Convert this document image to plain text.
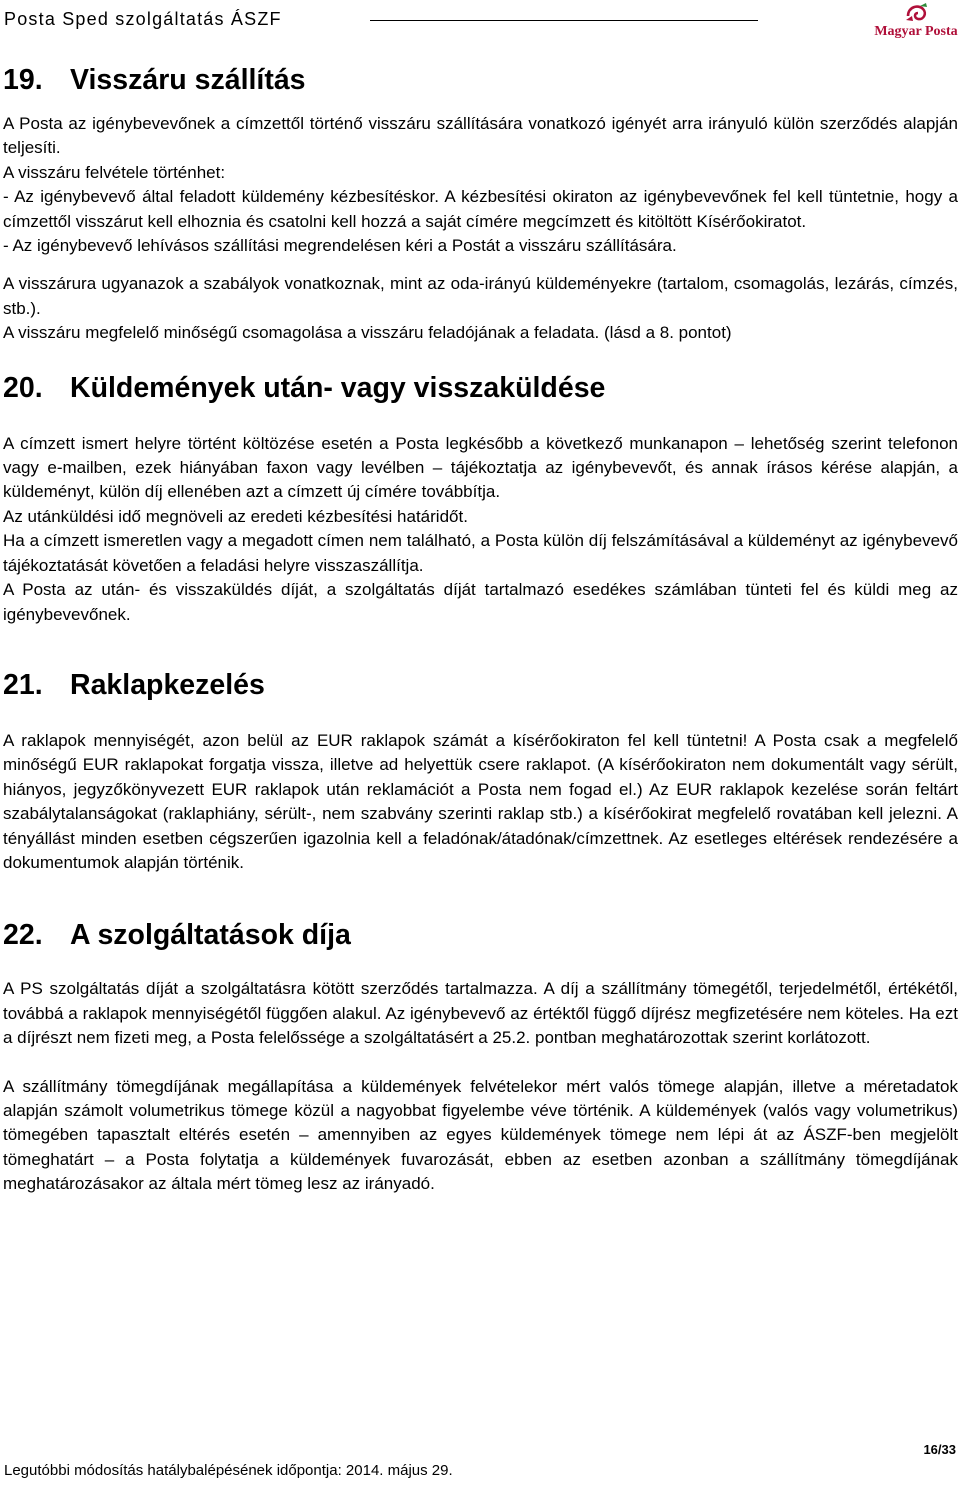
Posta Sped szolgáltatás ÁSZF
Magyar Posta
19. Visszáru szállítás

A Posta az igénybevevőnek a címzettől történő visszáru szállítására vonatkozó igényét arra irányuló külön szerződés alapján teljesíti.

A visszáru felvétele történhet:

- Az igénybevevő által feladott küldemény kézbesítéskor. A kézbesítési okiraton az igénybevevőnek fel kell tüntetnie, hogy a címzettől visszárut kell elhoznia és csatolni kell hozzá a saját címére megcímzett és kitöltött Kísérőokiratot.

- Az igénybevevő lehívásos szállítási megrendelésen kéri a Postát a visszáru szállítására.

A visszárura ugyanazok a szabályok vonatkoznak, mint az oda-irányú küldeményekre (tartalom, csomagolás, lezárás, címzés, stb.).

A visszáru megfelelő minőségű csomagolása a visszáru feladójának a feladata. (lásd a 8. pontot)

20. Küldemények után- vagy visszaküldése

A címzett ismert helyre történt költözése esetén a Posta legkésőbb a következő munkanapon – lehetőség szerint telefonon vagy e-mailben, ezek hiányában faxon vagy levélben – tájékoztatja az igénybevevőt, és annak írásos kérése alapján, a küldeményt, külön díj ellenében azt a címzett új címére továbbítja.

Az utánküldési idő megnöveli az eredeti kézbesítési határidőt.

Ha a címzett ismeretlen vagy a megadott címen nem található, a Posta külön díj felszámításával a küldeményt az igénybevevő tájékoztatását követően a feladási helyre visszaszállítja.

A Posta az után- és visszaküldés díját, a szolgáltatás díját tartalmazó esedékes számlában tünteti fel és küldi meg az igénybevevőnek.

21. Raklapkezelés

A raklapok mennyiségét, azon belül az EUR raklapok számát a kísérőokiraton fel kell tüntetni! A Posta csak a megfelelő minőségű EUR raklapokat forgatja vissza, illetve ad helyettük csere raklapot. (A kísérőokiraton nem dokumentált vagy sérült, hiányos, jegyzőkönyvezett EUR raklapok után reklamációt a Posta nem fogad el.) Az EUR raklapok kezelése során feltárt szabálytalanságokat (raklaphiány, sérült-, nem szabvány szerinti raklap stb.) a kísérőokirat megfelelő rovatában kell jelezni. A tényállást minden esetben cégszerűen igazolnia kell a feladónak/átadónak/címzettnek. Az esetleges eltérések rendezésére a dokumentumok alapján történik.

22. A szolgáltatások díja

A PS szolgáltatás díját a szolgáltatásra kötött szerződés tartalmazza. A díj a szállítmány tömegétől, terjedelmétől, értékétől, továbbá a raklapok mennyiségétől függően alakul. Az igénybevevő az értéktől függő díjrész megfizetésére nem köteles. Ha ezt a díjrészt nem fizeti meg, a Posta felelőssége a szolgáltatásért a 25.2. pontban meghatározottak szerint korlátozott.

A szállítmány tömegdíjának megállapítása a küldemények felvételekor mért valós tömege alapján, illetve a méretadatok alapján számolt volumetrikus tömege közül a nagyobbat figyelembe véve történik. A küldemények (valós vagy volumetrikus) tömegében tapasztalt eltérés esetén – amennyiben az egyes küldemények tömege nem lépi át az ÁSZF-ben megjelölt tömeghatárt – a Posta folytatja a küldemények fuvarozását, ebben az esetben azonban a szállítmány tömegdíjának meghatározásakor az általa mért tömeg lesz az irányadó.

16/33
Legutóbbi módosítás hatálybalépésének időpontja: 2014. május 29.
